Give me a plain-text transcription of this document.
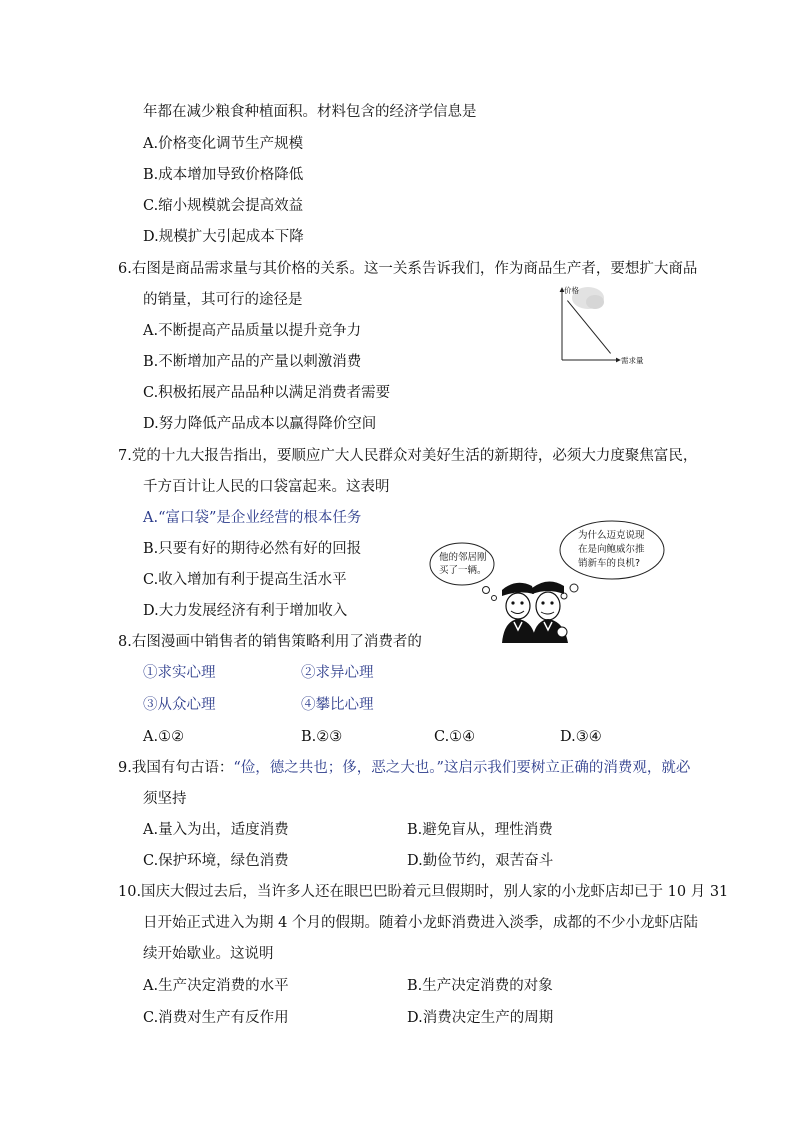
年都在减少粮食种植面积。材料包含的经济学信息是
A.价格变化调节生产规模
B.成本增加导致价格降低
C.缩小规模就会提高效益
D.规模扩大引起成本下降
6.右图是商品需求量与其价格的关系。这一关系告诉我们，作为商品生产者，要想扩大商品
的销量，其可行的途径是
A.不断提高产品质量以提升竞争力
B.不断增加产品的产量以刺激消费
C.积极拓展产品品种以满足消费者需要
D.努力降低产品成本以赢得降价空间
价格
需求量
7.党的十九大报告指出，要顺应广大人民群众对美好生活的新期待，必须大力度聚焦富民，
千方百计让人民的口袋富起来。这表明
A.“富口袋”是企业经营的根本任务
B.只要有好的期待必然有好的回报
C.收入增加有利于提高生活水平
D.大力发展经济有利于增加收入
他的邻居刚
买了一辆。
为什么迈克说现
在是向鲍威尔推
销新车的良机?
8.右图漫画中销售者的销售策略利用了消费者的
①求实心理	②求异心理
③从众心理	④攀比心理
A.①②	B.②③	C.①④	D.③④
9.我国有句古语：“俭，德之共也；侈，恶之大也。”这启示我们要树立正确的消费观，就必
须坚持
A.量入为出，适度消费	B.避免盲从，理性消费
C.保护环境，绿色消费	D.勤俭节约，艰苦奋斗
10.国庆大假过去后，当许多人还在眼巴巴盼着元旦假期时，别人家的小龙虾店却已于 10 月 31
日开始正式进入为期 4 个月的假期。随着小龙虾消费进入淡季，成都的不少小龙虾店陆
续开始歇业。这说明
A.生产决定消费的水平	B.生产决定消费的对象
C.消费对生产有反作用	D.消费决定生产的周期
